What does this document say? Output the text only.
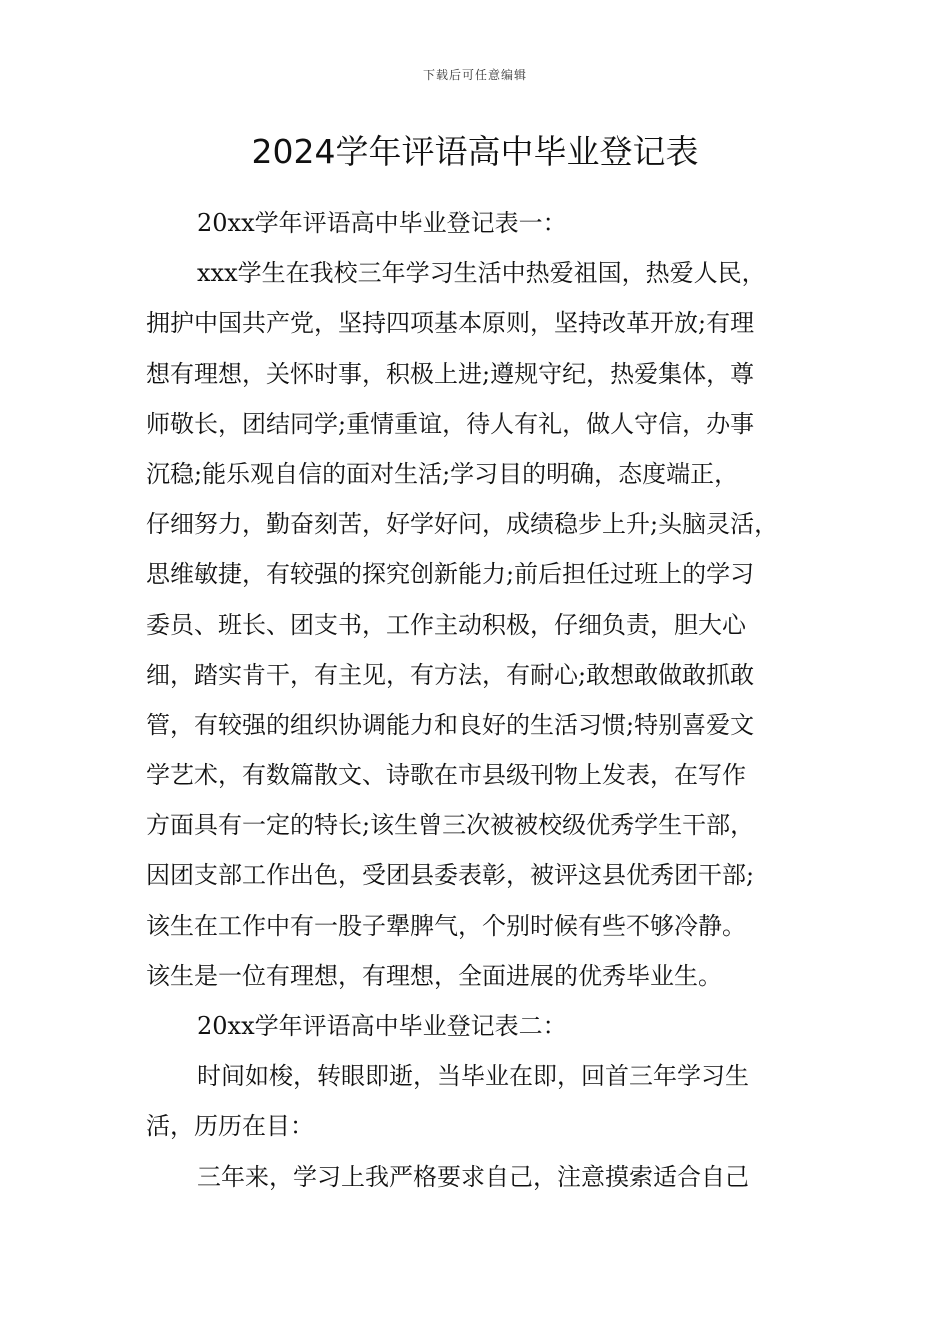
下载后可任意编辑
2024学年评语高中毕业登记表
20xx学年评语高中毕业登记表一：
xxx学生在我校三年学习生活中热爱祖国，热爱人民，
拥护中国共产党，坚持四项基本原则，坚持改革开放;有理
想有理想，关怀时事，积极上进;遵规守纪，热爱集体，尊
师敬长，团结同学;重情重谊，待人有礼，做人守信，办事
沉稳;能乐观自信的面对生活;学习目的明确，态度端正，
仔细努力，勤奋刻苦，好学好问，成绩稳步上升;头脑灵活，
思维敏捷，有较强的探究创新能力;前后担任过班上的学习
委员、班长、团支书，工作主动积极，仔细负责，胆大心
细，踏实肯干，有主见，有方法，有耐心;敢想敢做敢抓敢
管，有较强的组织协调能力和良好的生活习惯;特别喜爱文
学艺术，有数篇散文、诗歌在市县级刊物上发表，在写作
方面具有一定的特长;该生曾三次被被校级优秀学生干部，
因团支部工作出色，受团县委表彰，被评这县优秀团干部;
该生在工作中有一股子犟脾气，个别时候有些不够冷静。
该生是一位有理想，有理想，全面进展的优秀毕业生。
20xx学年评语高中毕业登记表二：
时间如梭，转眼即逝，当毕业在即，回首三年学习生
活，历历在目：
三年来，学习上我严格要求自己，注意摸索适合自己
